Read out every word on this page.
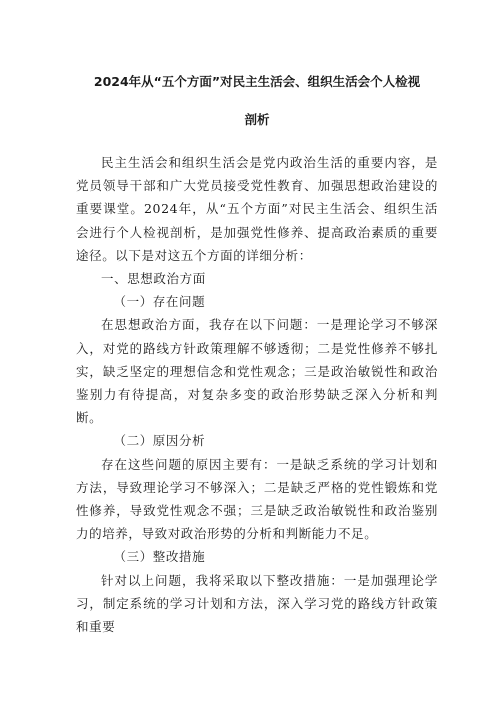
2024年从“五个方面”对民主生活会、组织生活会个人检视
剖析

民主生活会和组织生活会是党内政治生活的重要内容，是党员领导干部和广大党员接受党性教育、加强思想政治建设的重要课堂。2024年，从“五个方面”对民主生活会、组织生活会进行个人检视剖析，是加强党性修养、提高政治素质的重要途径。以下是对这五个方面的详细分析：

一、思想政治方面

（一）存在问题

在思想政治方面，我存在以下问题：一是理论学习不够深入，对党的路线方针政策理解不够透彻；二是党性修养不够扎实，缺乏坚定的理想信念和党性观念；三是政治敏锐性和政治鉴别力有待提高，对复杂多变的政治形势缺乏深入分析和判断。

（二）原因分析

存在这些问题的原因主要有：一是缺乏系统的学习计划和方法，导致理论学习不够深入；二是缺乏严格的党性锻炼和党性修养，导致党性观念不强；三是缺乏政治敏锐性和政治鉴别力的培养，导致对政治形势的分析和判断能力不足。

（三）整改措施

针对以上问题，我将采取以下整改措施：一是加强理论学习，制定系统的学习计划和方法，深入学习党的路线方针政策和重要
